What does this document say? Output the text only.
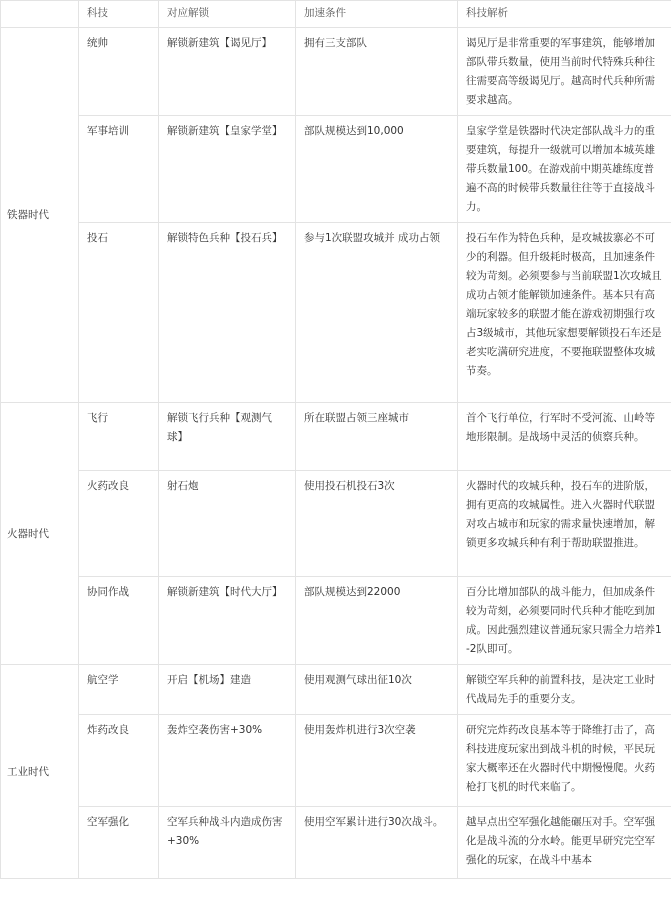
	科技	对应解锁	加速条件	科技解析
铁器时代	统帅	解锁新建筑【谒见厅】	拥有三支部队	谒见厅是非常重要的军事建筑，能够增加部队带兵数量，使用当前时代特殊兵种往往需要高等级谒见厅。越高时代兵种所需要求越高。
	军事培训	解锁新建筑【皇家学堂】	部队规模达到10,000	皇家学堂是铁器时代决定部队战斗力的重要建筑，每提升一级就可以增加本城英雄带兵数量100。在游戏前中期英雄练度普遍不高的时候带兵数量往往等于直接战斗力。
	投石	解锁特色兵种【投石兵】	参与1次联盟攻城并 成功占领	投石车作为特色兵种，是攻城拔寨必不可少的利器。但升级耗时极高，且加速条件较为苛刻。必须要参与当前联盟1次攻城且成功占领才能解锁加速条件。基本只有高端玩家较多的联盟才能在游戏初期强行攻占3级城市，其他玩家想要解锁投石车还是老实吃满研究进度，不要拖联盟整体攻城节奏。
火器时代	飞行	解锁飞行兵种【观测气球】	所在联盟占领三座城市	首个飞行单位，行军时不受河流、山岭等地形限制。是战场中灵活的侦察兵种。
	火药改良	射石炮	使用投石机投石3次	火器时代的攻城兵种，投石车的进阶版，拥有更高的攻城属性。进入火器时代联盟对攻占城市和玩家的需求量快速增加，解锁更多攻城兵种有利于帮助联盟推进。
	协同作战	解锁新建筑【时代大厅】	部队规模达到22000	百分比增加部队的战斗能力，但加成条件较为苛刻，必须要同时代兵种才能吃到加成。因此强烈建议普通玩家只需全力培养1-2队即可。
工业时代	航空学	开启【机场】建造	使用观测气球出征10次	解锁空军兵种的前置科技，是决定工业时代战局先手的重要分支。
	炸药改良	轰炸空袭伤害+30%	使用轰炸机进行3次空袭	研究完炸药改良基本等于降维打击了，高科技进度玩家出到战斗机的时候，平民玩家大概率还在火器时代中期慢慢爬。火药枪打飞机的时代来临了。
	空军强化	空军兵种战斗内造成伤害+30%	使用空军累计进行30次战斗。	越早点出空军强化越能碾压对手。空军强化是战斗流的分水岭。能更早研究完空军强化的玩家，在战斗中基本
